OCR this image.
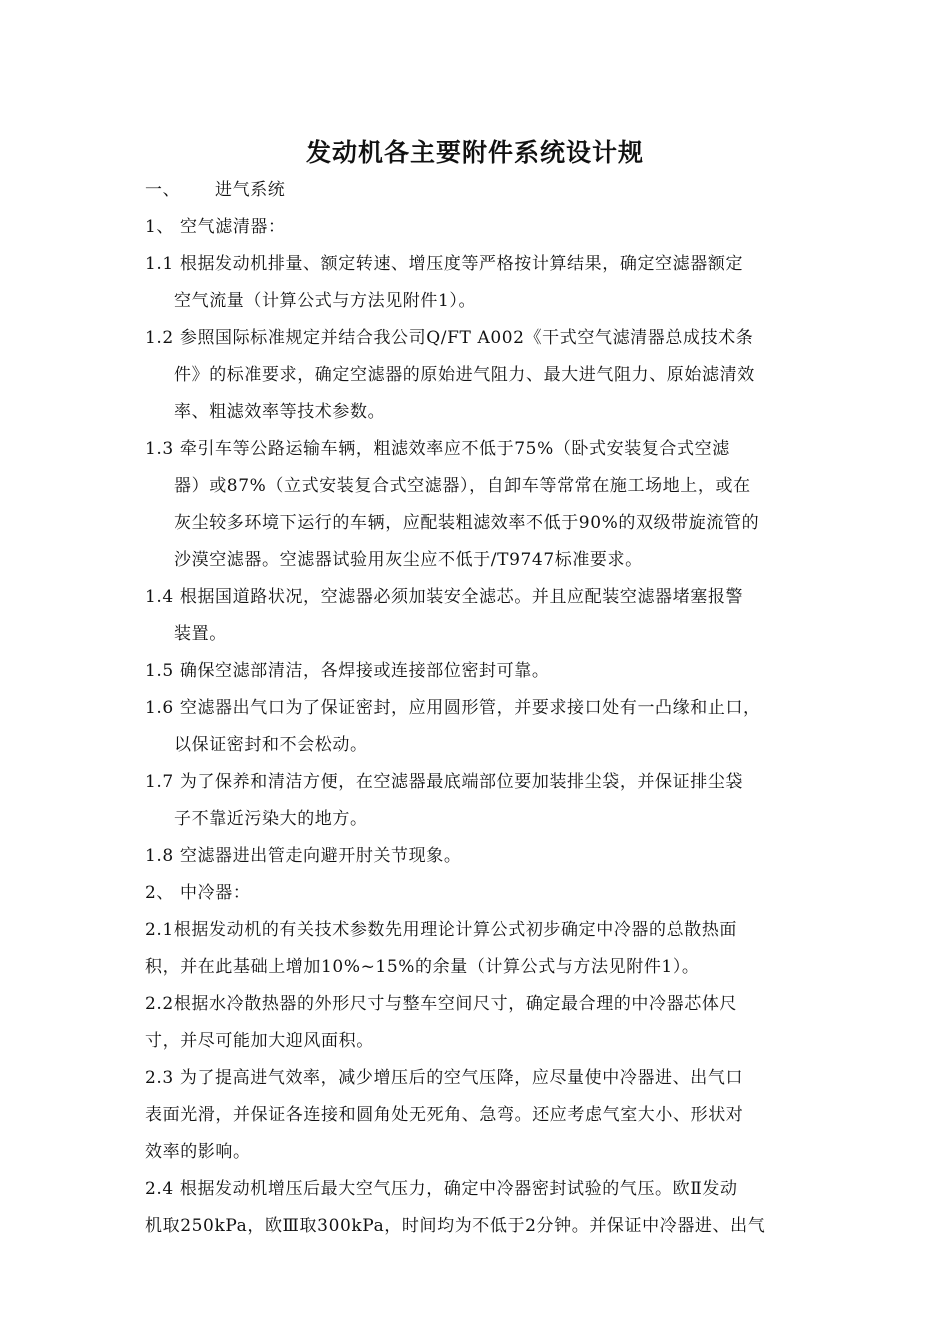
发动机各主要附件系统设计规
一、 进气系统
1、 空气滤清器：
1.1 根据发动机排量、额定转速、增压度等严格按计算结果，确定空滤器额定
空气流量（计算公式与方法见附件1）。
1.2 参照国际标准规定并结合我公司Q/FT A002《干式空气滤清器总成技术条
件》的标准要求，确定空滤器的原始进气阻力、最大进气阻力、原始滤清效
率、粗滤效率等技术参数。
1.3 牵引车等公路运输车辆，粗滤效率应不低于75%（卧式安装复合式空滤
器）或87%（立式安装复合式空滤器），自卸车等常常在施工场地上，或在
灰尘较多环境下运行的车辆，应配装粗滤效率不低于90%的双级带旋流管的
沙漠空滤器。空滤器试验用灰尘应不低于/T9747标准要求。
1.4 根据国道路状况，空滤器必须加装安全滤芯。并且应配装空滤器堵塞报警
装置。
1.5 确保空滤部清洁，各焊接或连接部位密封可靠。
1.6 空滤器出气口为了保证密封，应用圆形管，并要求接口处有一凸缘和止口，
以保证密封和不会松动。
1.7 为了保养和清洁方便，在空滤器最底端部位要加装排尘袋，并保证排尘袋
子不靠近污染大的地方。
1.8 空滤器进出管走向避开肘关节现象。
2、 中冷器：
2.1根据发动机的有关技术参数先用理论计算公式初步确定中冷器的总散热面
积，并在此基础上增加10%~15%的余量（计算公式与方法见附件1）。
2.2根据水冷散热器的外形尺寸与整车空间尺寸，确定最合理的中冷器芯体尺
寸，并尽可能加大迎风面积。
2.3 为了提高进气效率，减少增压后的空气压降，应尽量使中冷器进、出气口
表面光滑，并保证各连接和圆角处无死角、急弯。还应考虑气室大小、形状对
效率的影响。
2.4 根据发动机增压后最大空气压力，确定中冷器密封试验的气压。欧Ⅱ发动
机取250kPa，欧Ⅲ取300kPa，时间均为不低于2分钟。并保证中冷器进、出气
